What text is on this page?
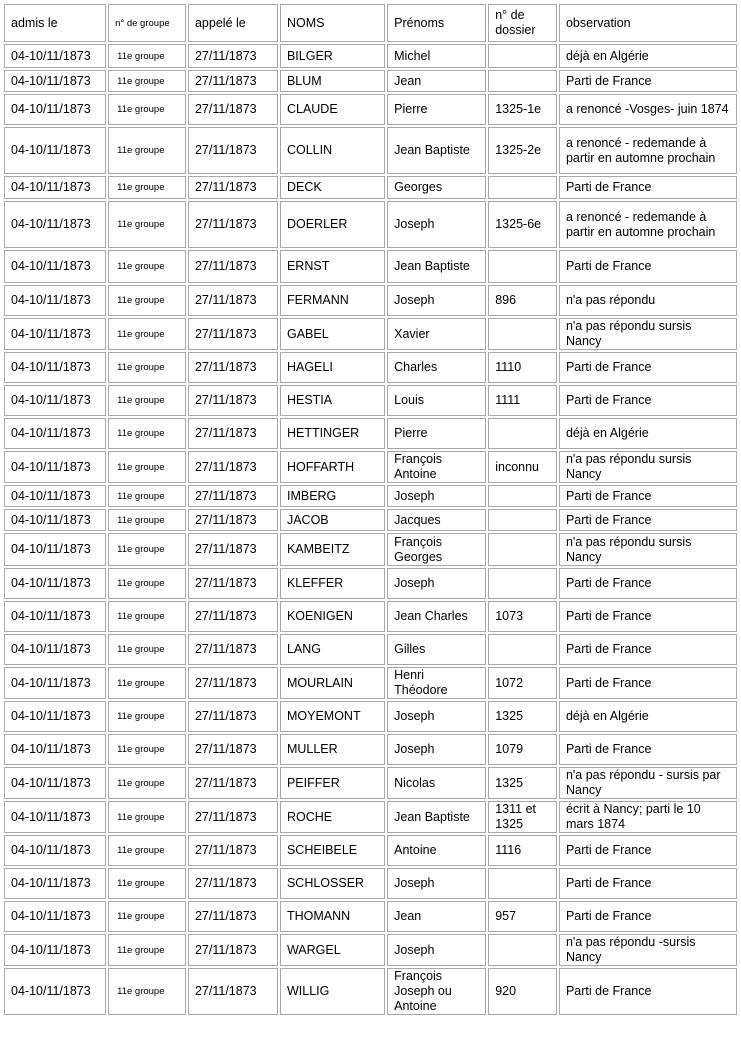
admis le	n° de groupe	appelé le	NOMS	Prénoms	n° de dossier	observation
04-10/11/1873	11e groupe	27/11/1873	BILGER	Michel		déjà en Algérie
04-10/11/1873	11e groupe	27/11/1873	BLUM	Jean		Parti de France
04-10/11/1873	11e groupe	27/11/1873	CLAUDE	Pierre	1325-1e	a renoncé -Vosges- juin 1874
04-10/11/1873	11e groupe	27/11/1873	COLLIN	Jean Baptiste	1325-2e	a renoncé - redemande à partir en automne prochain
04-10/11/1873	11e groupe	27/11/1873	DECK	Georges		Parti de France
04-10/11/1873	11e groupe	27/11/1873	DOERLER	Joseph	1325-6e	a renoncé - redemande à partir en automne prochain
04-10/11/1873	11e groupe	27/11/1873	ERNST	Jean Baptiste		Parti de France
04-10/11/1873	11e groupe	27/11/1873	FERMANN	Joseph	896	n'a pas répondu
04-10/11/1873	11e groupe	27/11/1873	GABEL	Xavier		n'a pas répondu sursis Nancy
04-10/11/1873	11e groupe	27/11/1873	HAGELI	Charles	1110	Parti de France
04-10/11/1873	11e groupe	27/11/1873	HESTIA	Louis	1111	Parti de France
04-10/11/1873	11e groupe	27/11/1873	HETTINGER	Pierre		déjà en Algérie
04-10/11/1873	11e groupe	27/11/1873	HOFFARTH	François Antoine	inconnu	n'a pas répondu sursis Nancy
04-10/11/1873	11e groupe	27/11/1873	IMBERG	Joseph		Parti de France
04-10/11/1873	11e groupe	27/11/1873	JACOB	Jacques		Parti de France
04-10/11/1873	11e groupe	27/11/1873	KAMBEITZ	François Georges		n'a pas répondu sursis Nancy
04-10/11/1873	11e groupe	27/11/1873	KLEFFER	Joseph		Parti de France
04-10/11/1873	11e groupe	27/11/1873	KOENIGEN	Jean Charles	1073	Parti de France
04-10/11/1873	11e groupe	27/11/1873	LANG	Gilles		Parti de France
04-10/11/1873	11e groupe	27/11/1873	MOURLAIN	Henri Théodore	1072	Parti de France
04-10/11/1873	11e groupe	27/11/1873	MOYEMONT	Joseph	1325	déjà en Algérie
04-10/11/1873	11e groupe	27/11/1873	MULLER	Joseph	1079	Parti de France
04-10/11/1873	11e groupe	27/11/1873	PEIFFER	Nicolas	1325	n'a pas répondu - sursis par Nancy
04-10/11/1873	11e groupe	27/11/1873	ROCHE	Jean Baptiste	1311 et 1325	écrit à Nancy; parti le 10 mars 1874
04-10/11/1873	11e groupe	27/11/1873	SCHEIBELE	Antoine	1116	Parti de France
04-10/11/1873	11e groupe	27/11/1873	SCHLOSSER	Joseph		Parti de France
04-10/11/1873	11e groupe	27/11/1873	THOMANN	Jean	957	Parti de France
04-10/11/1873	11e groupe	27/11/1873	WARGEL	Joseph		n'a pas répondu -sursis Nancy
04-10/11/1873	11e groupe	27/11/1873	WILLIG	François Joseph ou Antoine	920	Parti de France
